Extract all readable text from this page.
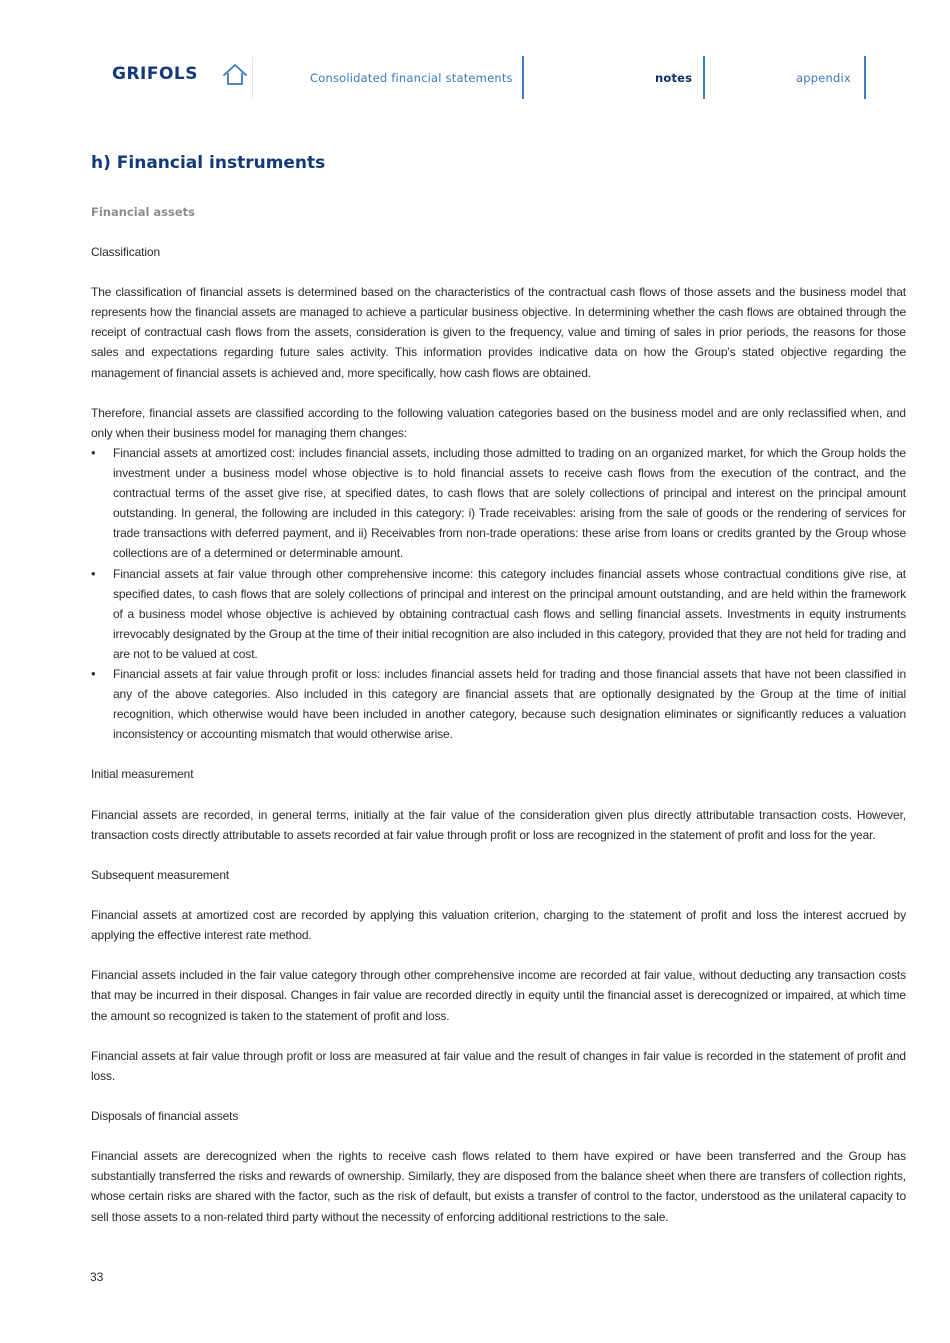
GRIFOLS	Consolidated financial statements	notes	appendix
h) Financial instruments
Financial assets

Classification

The classification of financial assets is determined based on the characteristics of the contractual cash flows of those assets and the business model that represents how the financial assets are managed to achieve a particular business objective. In determining whether the cash flows are obtained through the receipt of contractual cash flows from the assets, consideration is given to the frequency, value and timing of sales in prior periods, the reasons for those sales and expectations regarding future sales activity. This information provides indicative data on how the Group's stated objective regarding the management of financial assets is achieved and, more specifically, how cash flows are obtained.

Therefore, financial assets are classified according to the following valuation categories based on the business model and are only reclassified when, and only when their business model for managing them changes:

• Financial assets at amortized cost: includes financial assets, including those admitted to trading on an organized market, for which the Group holds the investment under a business model whose objective is to hold financial assets to receive cash flows from the execution of the contract, and the contractual terms of the asset give rise, at specified dates, to cash flows that are solely collections of principal and interest on the principal amount outstanding. In general, the following are included in this category: i) Trade receivables: arising from the sale of goods or the rendering of services for trade transactions with deferred payment, and ii) Receivables from non-trade operations: these arise from loans or credits granted by the Group whose collections are of a determined or determinable amount.
• Financial assets at fair value through other comprehensive income: this category includes financial assets whose contractual conditions give rise, at specified dates, to cash flows that are solely collections of principal and interest on the principal amount outstanding, and are held within the framework of a business model whose objective is achieved by obtaining contractual cash flows and selling financial assets. Investments in equity instruments irrevocably designated by the Group at the time of their initial recognition are also included in this category, provided that they are not held for trading and are not to be valued at cost.
• Financial assets at fair value through profit or loss: includes financial assets held for trading and those financial assets that have not been classified in any of the above categories. Also included in this category are financial assets that are optionally designated by the Group at the time of initial recognition, which otherwise would have been included in another category, because such designation eliminates or significantly reduces a valuation inconsistency or accounting mismatch that would otherwise arise.

Initial measurement

Financial assets are recorded, in general terms, initially at the fair value of the consideration given plus directly attributable transaction costs. However, transaction costs directly attributable to assets recorded at fair value through profit or loss are recognized in the statement of profit and loss for the year.

Subsequent measurement

Financial assets at amortized cost are recorded by applying this valuation criterion, charging to the statement of profit and loss the interest accrued by applying the effective interest rate method.

Financial assets included in the fair value category through other comprehensive income are recorded at fair value, without deducting any transaction costs that may be incurred in their disposal. Changes in fair value are recorded directly in equity until the financial asset is derecognized or impaired, at which time the amount so recognized is taken to the statement of profit and loss.

Financial assets at fair value through profit or loss are measured at fair value and the result of changes in fair value is recorded in the statement of profit and loss.

Disposals of financial assets

Financial assets are derecognized when the rights to receive cash flows related to them have expired or have been transferred and the Group has substantially transferred the risks and rewards of ownership. Similarly, they are disposed from the balance sheet when there are transfers of collection rights, whose certain risks are shared with the factor, such as the risk of default, but exists a transfer of control to the factor, understood as the unilateral capacity to sell those assets to a non-related third party without the necessity of enforcing additional restrictions to the sale.

33
